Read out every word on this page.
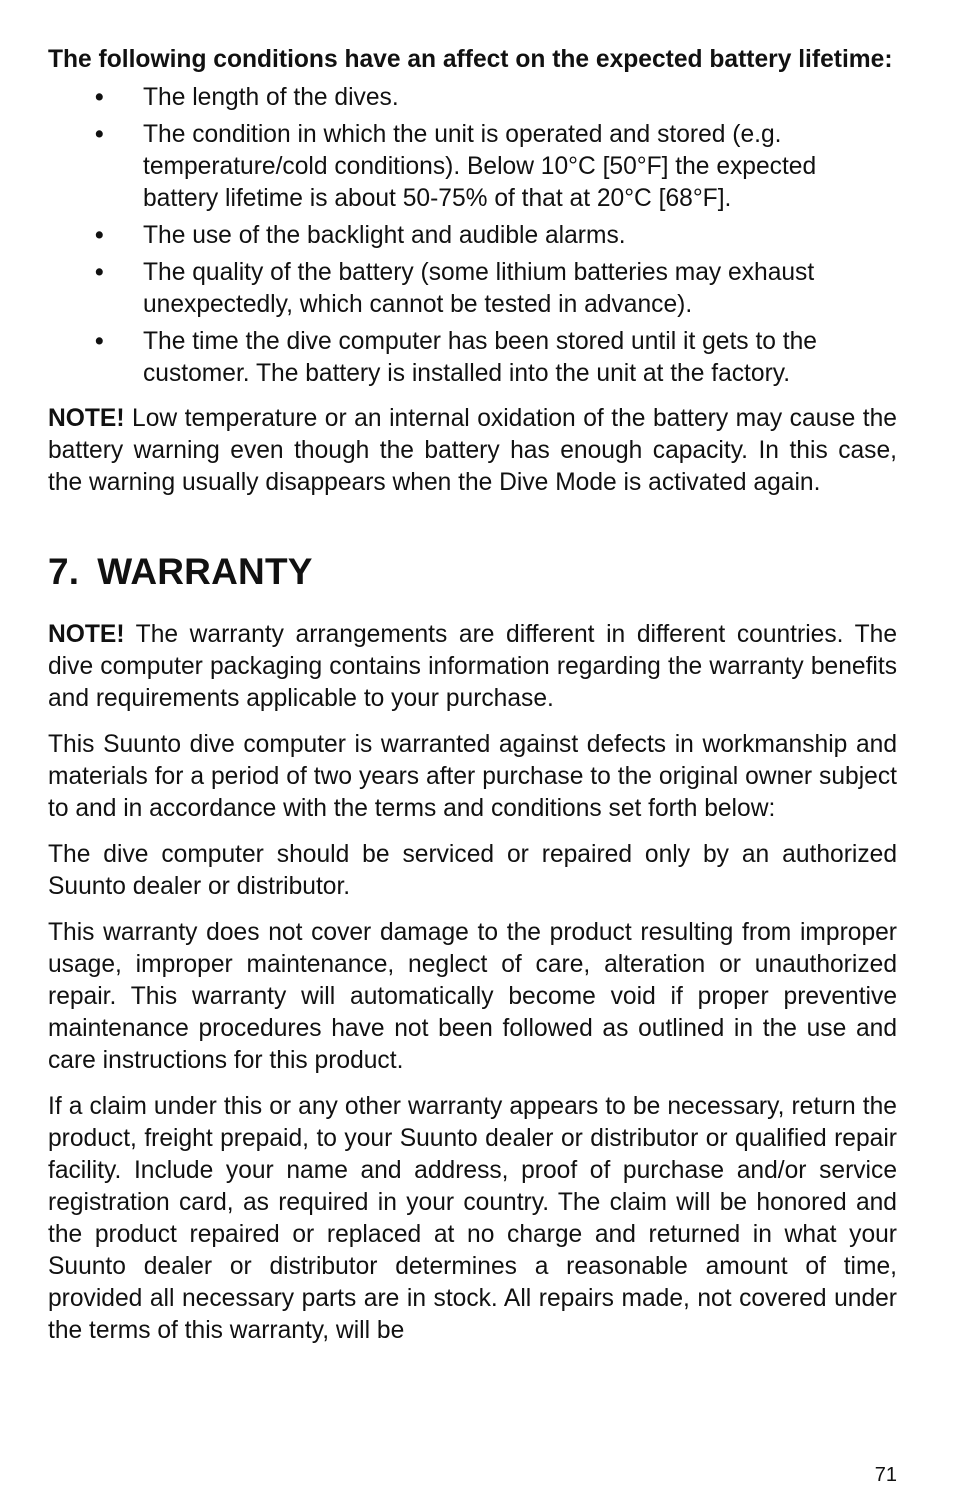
The following conditions have an affect on the expected battery lifetime:
• The length of the dives.
• The condition in which the unit is operated and stored (e.g. temperature/cold conditions). Below 10°C [50°F] the expected battery lifetime is about 50-75% of that at 20°C [68°F].
• The use of the backlight and audible alarms.
• The quality of the battery (some lithium batteries may exhaust unexpectedly, which cannot be tested in advance).
• The time the dive computer has been stored until it gets to the customer. The battery is installed into the unit at the factory.

NOTE! Low temperature or an internal oxidation of the battery may cause the battery warning even though the battery has enough capacity. In this case, the warning usually disappears when the Dive Mode is activated again.

7. WARRANTY

NOTE! The warranty arrangements are different in different countries. The dive computer packaging contains information regarding the warranty benefits and requirements applicable to your purchase.

This Suunto dive computer is warranted against defects in workmanship and materials for a period of two years after purchase to the original owner subject to and in accordance with the terms and conditions set forth below:

The dive computer should be serviced or repaired only by an authorized Suunto dealer or distributor.

This warranty does not cover damage to the product resulting from improper usage, improper maintenance, neglect of care, alteration or unauthorized repair. This warranty will automatically become void if proper preventive maintenance procedures have not been followed as outlined in the use and care instructions for this product.

If a claim under this or any other warranty appears to be necessary, return the product, freight prepaid, to your Suunto dealer or distributor or qualified repair facility. Include your name and address, proof of purchase and/or service registration card, as required in your country. The claim will be honored and the product repaired or replaced at no charge and returned in what your Suunto dealer or distributor determines a reasonable amount of time, provided all necessary parts are in stock. All repairs made, not covered under the terms of this warranty, will be

71
